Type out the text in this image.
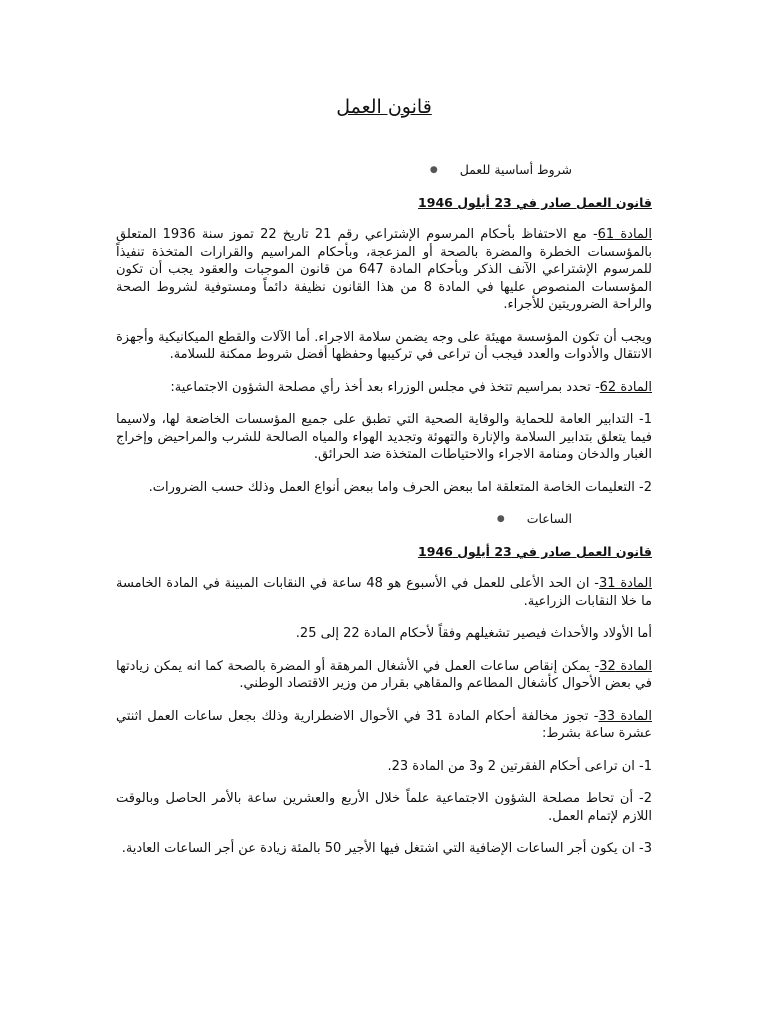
قانون العمل
شروط أساسية للعمل
●
قانون العمل صادر في 23 أيلول 1946

المادة 61- مع الاحتفاظ بأحكام المرسوم الإشتراعي رقم 21 تاريخ 22 تموز سنة 1936 المتعلق بالمؤسسات الخطرة والمضرة بالصحة أو المزعجة، وبأحكام المراسيم والقرارات المتخذة تنفيذاً للمرسوم الإشتراعي الآنف الذكر وبأحكام المادة 647 من قانون الموجبات والعقود يجب أن تكون المؤسسات المنصوص عليها في المادة 8 من هذا القانون نظيفة دائماً ومستوفية لشروط الصحة والراحة الضروريتين للأجراء.

ويجب أن تكون المؤسسة مهيئة على وجه يضمن سلامة الاجراء. أما الآلات والقطع الميكانيكية وأجهزة الانتقال والأدوات والعدد فيجب أن تراعى في تركيبها وحفظها أفضل شروط ممكنة للسلامة.

المادة 62- تحدد بمراسيم تتخذ في مجلس الوزراء بعد أخذ رأي مصلحة الشؤون الاجتماعية:

1- التدابير العامة للحماية والوقاية الصحية التي تطبق على جميع المؤسسات الخاضعة لها، ولاسيما فيما يتعلق بتدابير السلامة والإنارة والتهوئة وتجديد الهواء والمياه الصالحة للشرب والمراحيض وإخراج الغبار والدخان ومنامة الاجراء والاحتياطات المتخذة ضد الحرائق.

2- التعليمات الخاصة المتعلقة اما ببعض الحرف واما ببعض أنواع العمل وذلك حسب الضرورات.

الساعات
●
قانون العمل صادر في 23 أيلول 1946

المادة 31- ان الحد الأعلى للعمل في الأسبوع هو 48 ساعة في النقابات المبينة في المادة الخامسة ما خلا النقابات الزراعية.

أما الأولاد والأحداث فيصير تشغيلهم وفقاً لأحكام المادة 22 إلى 25.

المادة 32- يمكن إنقاص ساعات العمل في الأشغال المرهقة أو المضرة بالصحة كما انه يمكن زيادتها في بعض الأحوال كأشغال المطاعم والمقاهي بقرار من وزير الاقتصاد الوطني.

المادة 33- تجوز مخالفة أحكام المادة 31 في الأحوال الاضطرارية وذلك بجعل ساعات العمل اثنتي عشرة ساعة بشرط:

1- ان تراعى أحكام الفقرتين 2 و3 من المادة 23.

2- أن تحاط مصلحة الشؤون الاجتماعية علماً خلال الأربع والعشرين ساعة بالأمر الحاصل وبالوقت اللازم لإتمام العمل.

3- ان يكون أجر الساعات الإضافية التي اشتغل فيها الأجير 50 بالمئة زيادة عن أجر الساعات العادية.
